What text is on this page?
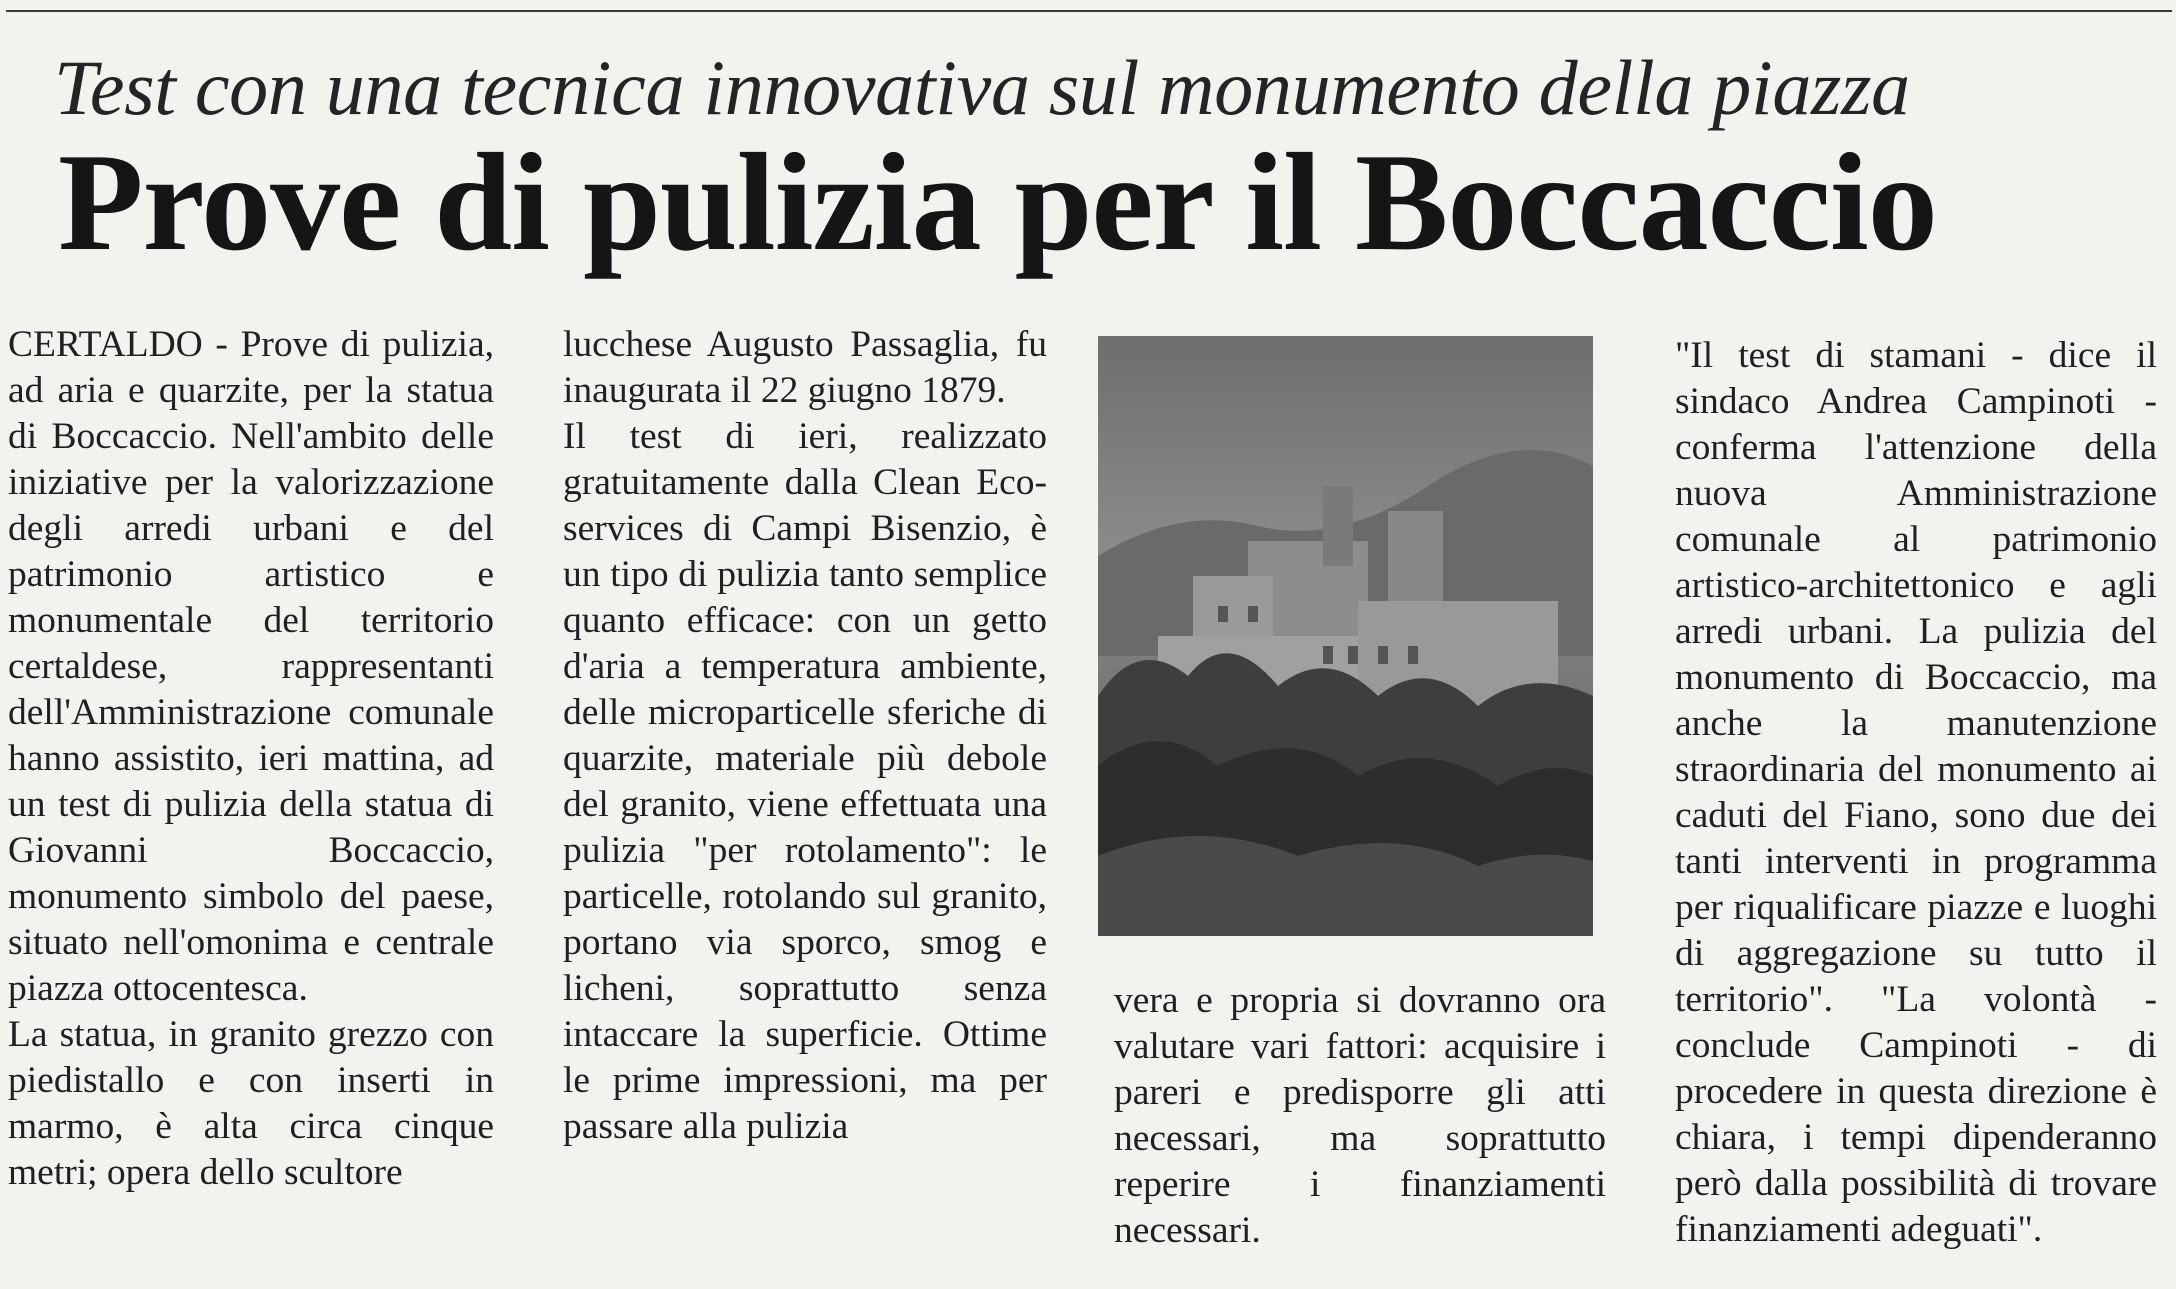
Test con una tecnica innovativa sul monumento della piazza
Prove di pulizia per il Boccaccio

CERTALDO - Prove di pulizia, ad aria e quarzite, per la statua di Boccaccio. Nell'ambito delle iniziative per la valorizzazione degli arredi urbani e del patrimonio artistico e monumentale del territorio certaldese, rappresentanti dell'Amministrazione comunale hanno assistito, ieri mattina, ad un test di pulizia della statua di Giovanni Boccaccio, monumento simbolo del paese, situato nell'omonima e centrale piazza ottocentesca.

La statua, in granito grezzo con piedistallo e con inserti in marmo, è alta circa cinque metri; opera dello scultore

lucchese Augusto Passaglia, fu inaugurata il 22 giugno 1879.

Il test di ieri, realizzato gratuitamente dalla Clean Eco-services di Campi Bisenzio, è un tipo di pulizia tanto semplice quanto efficace: con un getto d'aria a temperatura ambiente, delle microparticelle sferiche di quarzite, materiale più debole del granito, viene effettuata una pulizia "per rotolamento": le particelle, rotolando sul granito, portano via sporco, smog e licheni, soprattutto senza intaccare la superficie. Ottime le prime impressioni, ma per passare alla pulizia

vera e propria si dovranno ora valutare vari fattori: acquisire i pareri e predisporre gli atti necessari, ma soprattutto reperire i finanziamenti necessari.

"Il test di stamani - dice il sindaco Andrea Campinoti - conferma l'attenzione della nuova Amministrazione comunale al patrimonio artistico-architettonico e agli arredi urbani. La pulizia del monumento di Boccaccio, ma anche la manutenzione straordinaria del monumento ai caduti del Fiano, sono due dei tanti interventi in programma per riqualificare piazze e luoghi di aggregazione su tutto il territorio". "La volontà - conclude Campinoti - di procedere in questa direzione è chiara, i tempi dipenderanno però dalla possibilità di trovare finanziamenti adeguati".
